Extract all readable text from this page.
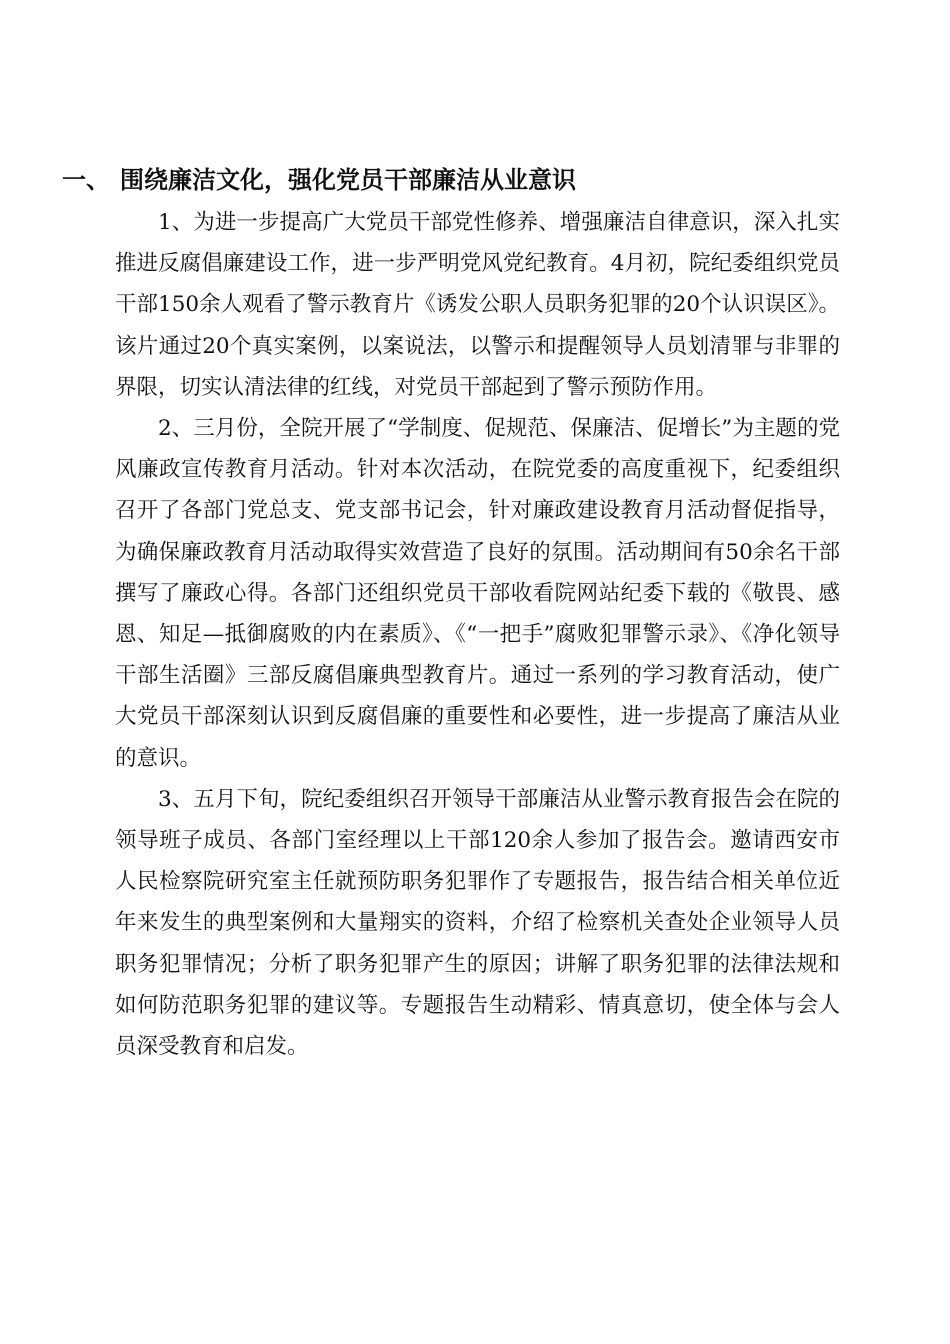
一、 围绕廉洁文化，强化党员干部廉洁从业意识

1、为进一步提高广大党员干部党性修养、增强廉洁自律意识，深入扎实推进反腐倡廉建设工作，进一步严明党风党纪教育。4月初，院纪委组织党员干部150余人观看了警示教育片《诱发公职人员职务犯罪的20个认识误区》。该片通过20个真实案例，以案说法，以警示和提醒领导人员划清罪与非罪的界限，切实认清法律的红线，对党员干部起到了警示预防作用。

2、三月份，全院开展了“学制度、促规范、保廉洁、促增长”为主题的党风廉政宣传教育月活动。针对本次活动，在院党委的高度重视下，纪委组织召开了各部门党总支、党支部书记会，针对廉政建设教育月活动督促指导，为确保廉政教育月活动取得实效营造了良好的氛围。活动期间有50余名干部撰写了廉政心得。各部门还组织党员干部收看院网站纪委下载的《敬畏、感恩、知足—抵御腐败的内在素质》、《“一把手”腐败犯罪警示录》、《净化领导干部生活圈》三部反腐倡廉典型教育片。通过一系列的学习教育活动，使广大党员干部深刻认识到反腐倡廉的重要性和必要性，进一步提高了廉洁从业的意识。

3、五月下旬，院纪委组织召开领导干部廉洁从业警示教育报告会在院的领导班子成员、各部门室经理以上干部120余人参加了报告会。邀请西安市人民检察院研究室主任就预防职务犯罪作了专题报告，报告结合相关单位近年来发生的典型案例和大量翔实的资料，介绍了检察机关查处企业领导人员职务犯罪情况；分析了职务犯罪产生的原因；讲解了职务犯罪的法律法规和如何防范职务犯罪的建议等。专题报告生动精彩、情真意切，使全体与会人员深受教育和启发。
